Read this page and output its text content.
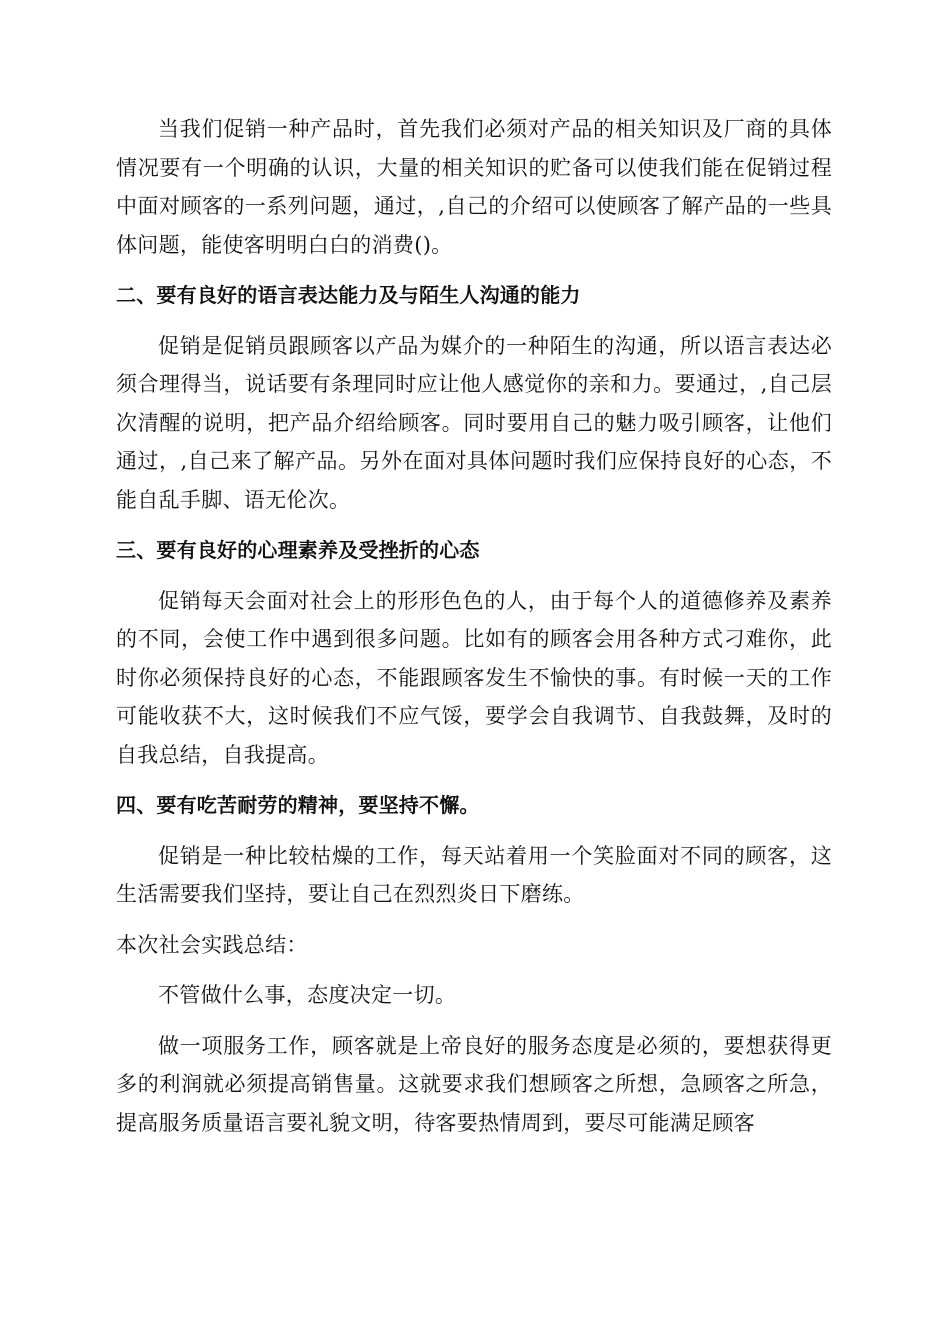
当我们促销一种产品时，首先我们必须对产品的相关知识及厂商的具体情况要有一个明确的认识，大量的相关知识的贮备可以使我们能在促销过程中面对顾客的一系列问题，通过，,自己的介绍可以使顾客了解产品的一些具体问题，能使客明明白白的消费()。

二、要有良好的语言表达能力及与陌生人沟通的能力

促销是促销员跟顾客以产品为媒介的一种陌生的沟通，所以语言表达必须合理得当，说话要有条理同时应让他人感觉你的亲和力。要通过，,自己层次清醒的说明，把产品介绍给顾客。同时要用自己的魅力吸引顾客，让他们通过，,自己来了解产品。另外在面对具体问题时我们应保持良好的心态，不能自乱手脚、语无伦次。

三、要有良好的心理素养及受挫折的心态

促销每天会面对社会上的形形色色的人，由于每个人的道德修养及素养的不同，会使工作中遇到很多问题。比如有的顾客会用各种方式刁难你，此时你必须保持良好的心态，不能跟顾客发生不愉快的事。有时候一天的工作可能收获不大，这时候我们不应气馁，要学会自我调节、自我鼓舞，及时的自我总结，自我提高。

四、要有吃苦耐劳的精神，要坚持不懈。

促销是一种比较枯燥的工作，每天站着用一个笑脸面对不同的顾客，这生活需要我们坚持，要让自己在烈烈炎日下磨练。

本次社会实践总结：

不管做什么事，态度决定一切。

做一项服务工作，顾客就是上帝良好的服务态度是必须的，要想获得更多的利润就必须提高销售量。这就要求我们想顾客之所想，急顾客之所急，提高服务质量语言要礼貌文明，待客要热情周到，要尽可能满足顾客
